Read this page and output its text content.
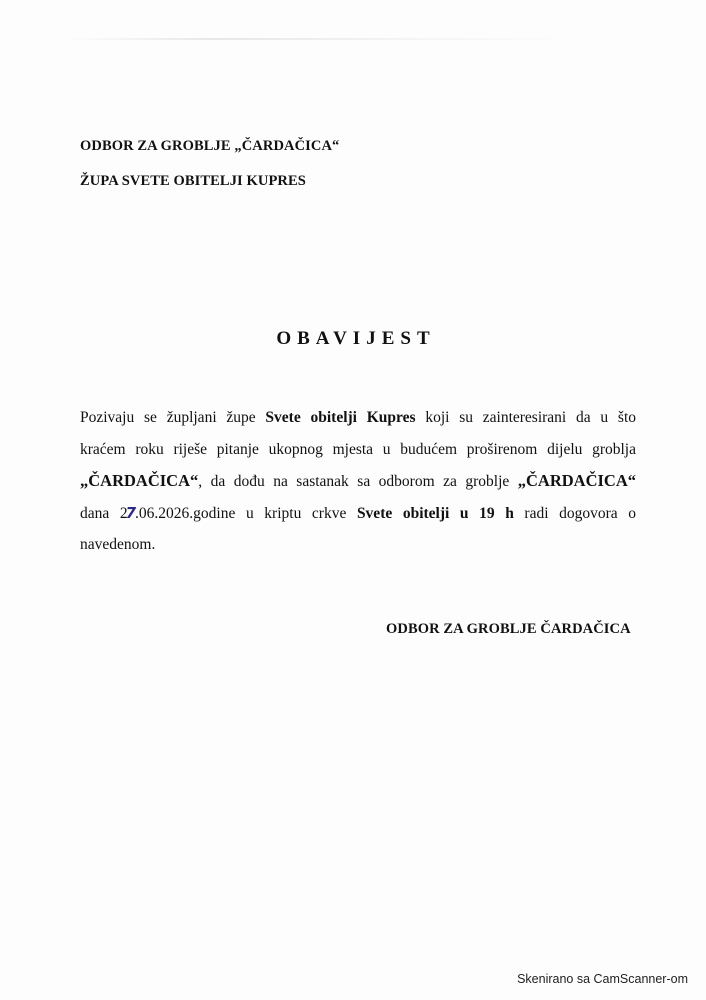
ODBOR ZA GROBLJE „ČARDAČICA“
ŽUPA SVETE OBITELJI KUPRES
OBAVIJEST
Pozivaju se župljani župe Svete obitelji Kupres koji su zainteresirani da u što
kraćem roku riješe pitanje ukopnog mjesta u budućem proširenom dijelu groblja
„ČARDAČICA“, da dođu na sastanak sa odborom za groblje „ČARDAČICA“
dana 27.06.2026.godine u kriptu crkve Svete obitelji u 19 h radi dogovora o
navedenom.
ODBOR ZA GROBLJE ČARDAČICA
Skenirano sa CamScanner-om
